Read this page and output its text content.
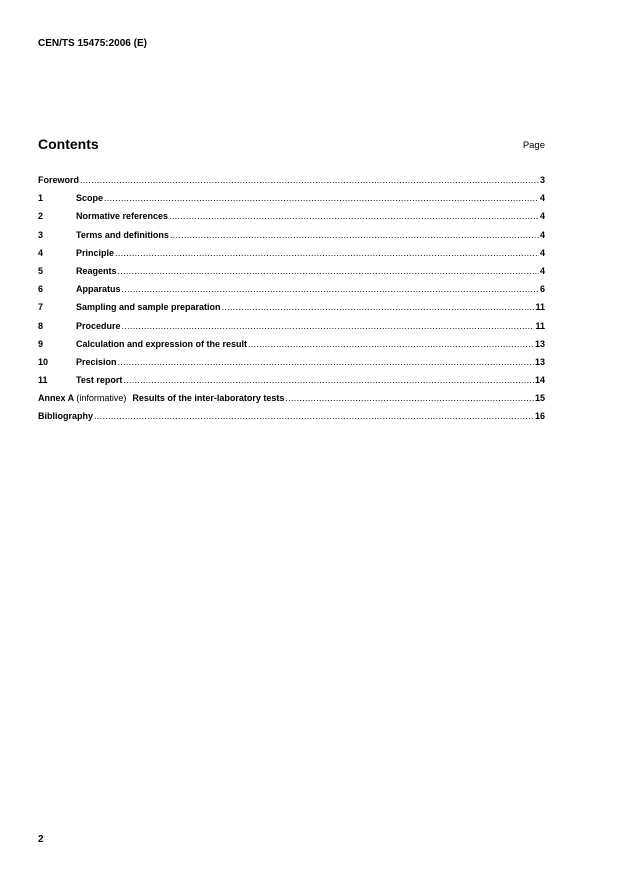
CEN/TS 15475:2006 (E)
Contents	Page
Foreword .....	3
1	Scope .....	4
2	Normative references .....	4
3	Terms and definitions .....	4
4	Principle .....	4
5	Reagents .....	4
6	Apparatus .....	6
7	Sampling and sample preparation .....	11
8	Procedure .....	11
9	Calculation and expression of the result .....	13
10	Precision .....	13
11	Test report .....	14
Annex A (informative) Results of the inter-laboratory tests .....	15
Bibliography .....	16
2
